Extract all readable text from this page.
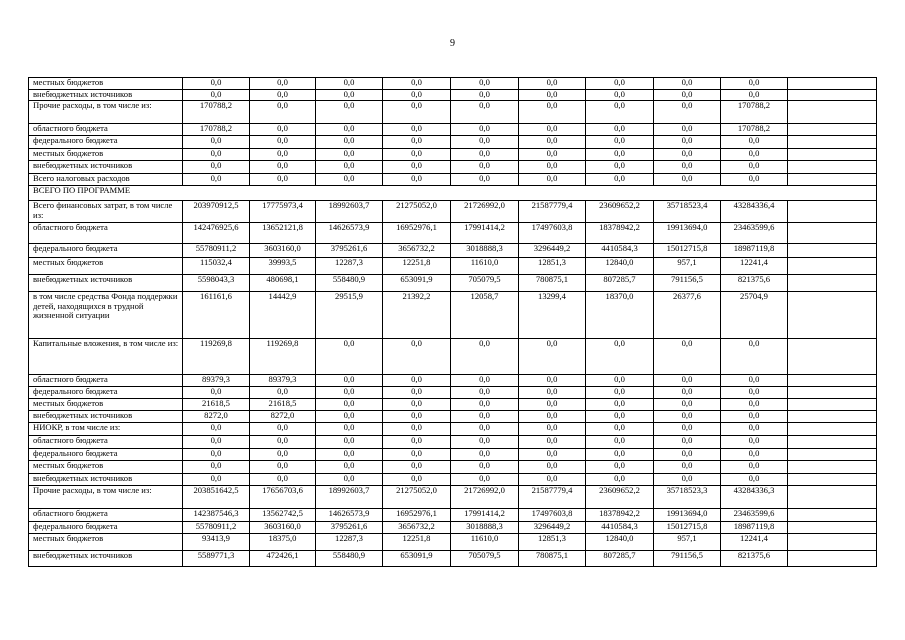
9
местных бюджетов	0,0	0,0	0,0	0,0	0,0	0,0	0,0	0,0	0,0	
внебюджетных источников	0,0	0,0	0,0	0,0	0,0	0,0	0,0	0,0	0,0	
Прочие расходы, в том числе из:	170788,2	0,0	0,0	0,0	0,0	0,0	0,0	0,0	170788,2	
областного бюджета	170788,2	0,0	0,0	0,0	0,0	0,0	0,0	0,0	170788,2	
федерального бюджета	0,0	0,0	0,0	0,0	0,0	0,0	0,0	0,0	0,0	
местных бюджетов	0,0	0,0	0,0	0,0	0,0	0,0	0,0	0,0	0,0	
внебюджетных источников	0,0	0,0	0,0	0,0	0,0	0,0	0,0	0,0	0,0	
Всего налоговых расходов	0,0	0,0	0,0	0,0	0,0	0,0	0,0	0,0	0,0	
ВСЕГО ПО ПРОГРАММЕ										
Всего финансовых затрат, в том числе из:	203970912,5	17775973,4	18992603,7	21275052,0	21726992,0	21587779,4	23609652,2	35718523,4	43284336,4	
областного бюджета	142476925,6	13652121,8	14626573,9	16952976,1	17991414,2	17497603,8	18378942,2	19913694,0	23463599,6	
федерального бюджета	55780911,2	3603160,0	3795261,6	3656732,2	3018888,3	3296449,2	4410584,3	15012715,8	18987119,8	
местных бюджетов	115032,4	39993,5	12287,3	12251,8	11610,0	12851,3	12840,0	957,1	12241,4	
внебюджетных источников	5598043,3	480698,1	558480,9	653091,9	705079,5	780875,1	807285,7	791156,5	821375,6	
в том числе средства Фонда поддержки детей, находящихся в трудной жизненной ситуации	161161,6	14442,9	29515,9	21392,2	12058,7	13299,4	18370,0	26377,6	25704,9	
Капитальные вложения, в том числе из:	119269,8	119269,8	0,0	0,0	0,0	0,0	0,0	0,0	0,0	
областного бюджета	89379,3	89379,3	0,0	0,0	0,0	0,0	0,0	0,0	0,0	
федерального бюджета	0,0	0,0	0,0	0,0	0,0	0,0	0,0	0,0	0,0	
местных бюджетов	21618,5	21618,5	0,0	0,0	0,0	0,0	0,0	0,0	0,0	
внебюджетных источников	8272,0	8272,0	0,0	0,0	0,0	0,0	0,0	0,0	0,0	
НИОКР, в том числе из:	0,0	0,0	0,0	0,0	0,0	0,0	0,0	0,0	0,0	
областного бюджета	0,0	0,0	0,0	0,0	0,0	0,0	0,0	0,0	0,0	
федерального бюджета	0,0	0,0	0,0	0,0	0,0	0,0	0,0	0,0	0,0	
местных бюджетов	0,0	0,0	0,0	0,0	0,0	0,0	0,0	0,0	0,0	
внебюджетных источников	0,0	0,0	0,0	0,0	0,0	0,0	0,0	0,0	0,0	
Прочие расходы, в том числе из:	203851642,5	17656703,6	18992603,7	21275052,0	21726992,0	21587779,4	23609652,2	35718523,3	43284336,3	
областного бюджета	142387546,3	13562742,5	14626573,9	16952976,1	17991414,2	17497603,8	18378942,2	19913694,0	23463599,6	
федерального бюджета	55780911,2	3603160,0	3795261,6	3656732,2	3018888,3	3296449,2	4410584,3	15012715,8	18987119,8	
местных бюджетов	93413,9	18375,0	12287,3	12251,8	11610,0	12851,3	12840,0	957,1	12241,4	
внебюджетных источников	5589771,3	472426,1	558480,9	653091,9	705079,5	780875,1	807285,7	791156,5	821375,6	
